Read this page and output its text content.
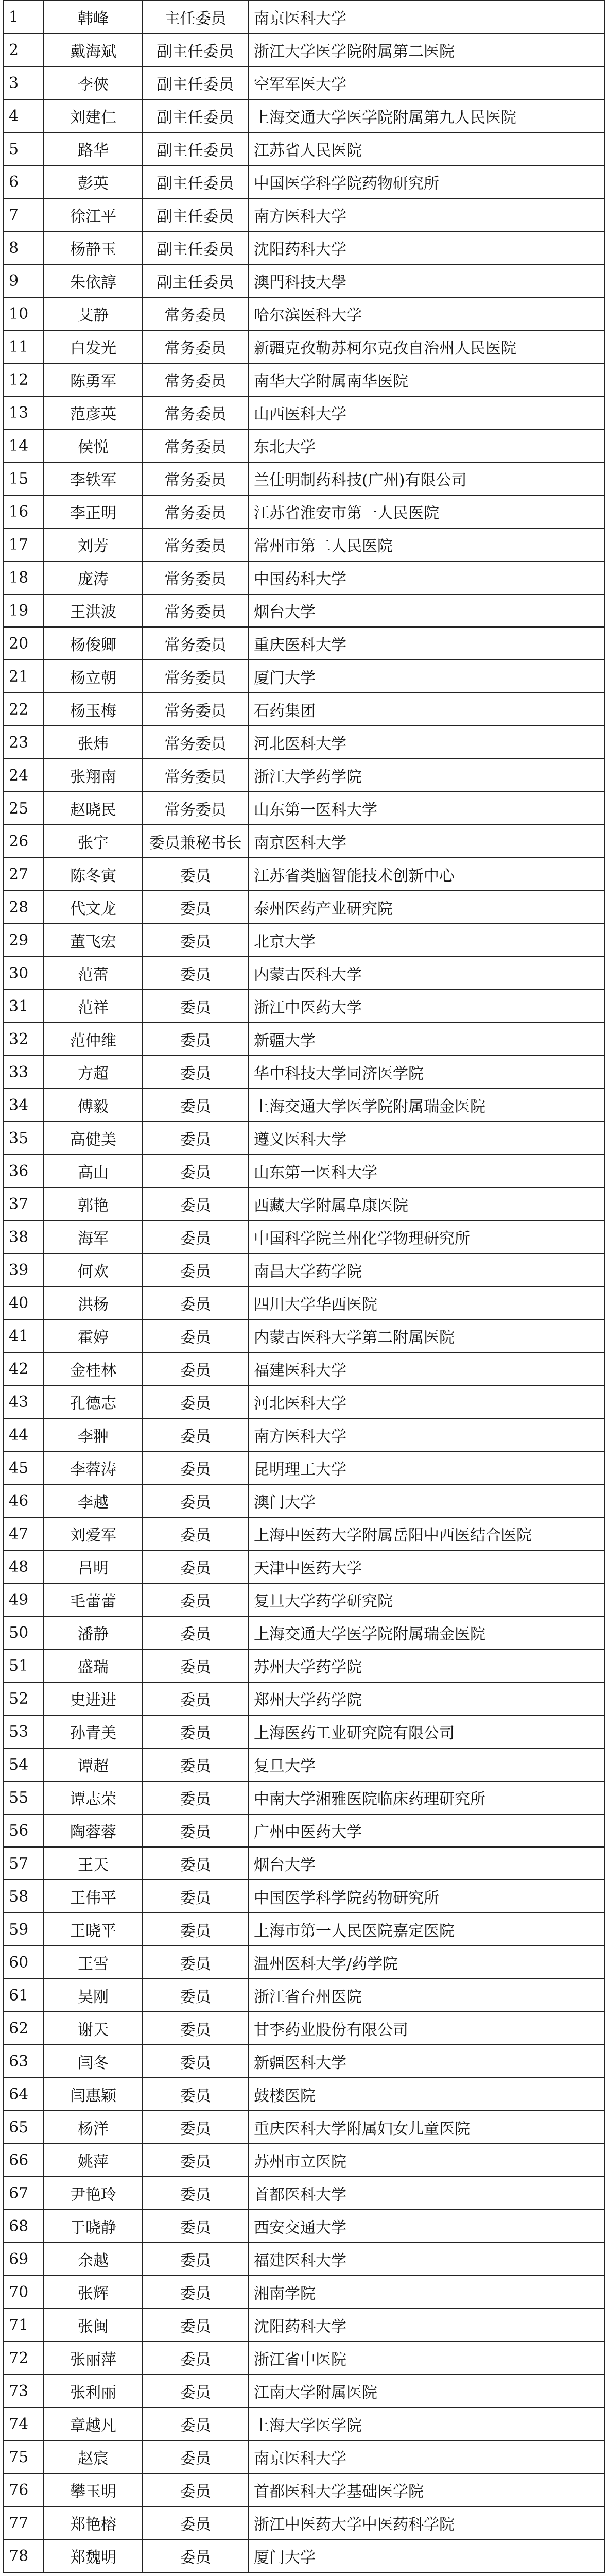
1	韩峰	主任委员	南京医科大学
2	戴海斌	副主任委员	浙江大学医学院附属第二医院
3	李俠	副主任委员	空军军医大学
4	刘建仁	副主任委员	上海交通大学医学院附属第九人民医院
5	路华	副主任委员	江苏省人民医院
6	彭英	副主任委员	中国医学科学院药物研究所
7	徐江平	副主任委员	南方医科大学
8	杨静玉	副主任委员	沈阳药科大学
9	朱依諄	副主任委员	澳門科技大學
10	艾静	常务委员	哈尔滨医科大学
11	白发光	常务委员	新疆克孜勒苏柯尔克孜自治州人民医院
12	陈勇军	常务委员	南华大学附属南华医院
13	范彦英	常务委员	山西医科大学
14	侯悦	常务委员	东北大学
15	李铁军	常务委员	兰仕明制药科技(广州)有限公司
16	李正明	常务委员	江苏省淮安市第一人民医院
17	刘芳	常务委员	常州市第二人民医院
18	庞涛	常务委员	中国药科大学
19	王洪波	常务委员	烟台大学
20	杨俊卿	常务委员	重庆医科大学
21	杨立朝	常务委员	厦门大学
22	杨玉梅	常务委员	石药集团
23	张炜	常务委员	河北医科大学
24	张翔南	常务委员	浙江大学药学院
25	赵晓民	常务委员	山东第一医科大学
26	张宇	委员兼秘书长	南京医科大学
27	陈冬寅	委员	江苏省类脑智能技术创新中心
28	代文龙	委员	泰州医药产业研究院
29	董飞宏	委员	北京大学
30	范蕾	委员	内蒙古医科大学
31	范祥	委员	浙江中医药大学
32	范仲维	委员	新疆大学
33	方超	委员	华中科技大学同济医学院
34	傅毅	委员	上海交通大学医学院附属瑞金医院
35	高健美	委员	遵义医科大学
36	高山	委员	山东第一医科大学
37	郭艳	委员	西藏大学附属阜康医院
38	海军	委员	中国科学院兰州化学物理研究所
39	何欢	委员	南昌大学药学院
40	洪杨	委员	四川大学华西医院
41	霍婷	委员	内蒙古医科大学第二附属医院
42	金桂林	委员	福建医科大学
43	孔德志	委员	河北医科大学
44	李翀	委员	南方医科大学
45	李蓉涛	委员	昆明理工大学
46	李越	委员	澳门大学
47	刘爱军	委员	上海中医药大学附属岳阳中西医结合医院
48	吕明	委员	天津中医药大学
49	毛蕾蕾	委员	复旦大学药学研究院
50	潘静	委员	上海交通大学医学院附属瑞金医院
51	盛瑞	委员	苏州大学药学院
52	史进进	委员	郑州大学药学院
53	孙青美	委员	上海医药工业研究院有限公司
54	谭超	委员	复旦大学
55	谭志荣	委员	中南大学湘雅医院临床药理研究所
56	陶蓉蓉	委员	广州中医药大学
57	王天	委员	烟台大学
58	王伟平	委员	中国医学科学院药物研究所
59	王晓平	委员	上海市第一人民医院嘉定医院
60	王雪	委员	温州医科大学/药学院
61	吴刚	委员	浙江省台州医院
62	谢天	委员	甘李药业股份有限公司
63	闫冬	委员	新疆医科大学
64	闫惠颖	委员	鼓楼医院
65	杨洋	委员	重庆医科大学附属妇女儿童医院
66	姚萍	委员	苏州市立医院
67	尹艳玲	委员	首都医科大学
68	于晓静	委员	西安交通大学
69	余越	委员	福建医科大学
70	张辉	委员	湘南学院
71	张闽	委员	沈阳药科大学
72	张丽萍	委员	浙江省中医院
73	张利丽	委员	江南大学附属医院
74	章越凡	委员	上海大学医学院
75	赵宸	委员	南京医科大学
76	攀玉明	委员	首都医科大学基础医学院
77	郑艳榕	委员	浙江中医药大学中医药科学院
78	郑魏明	委员	厦门大学
